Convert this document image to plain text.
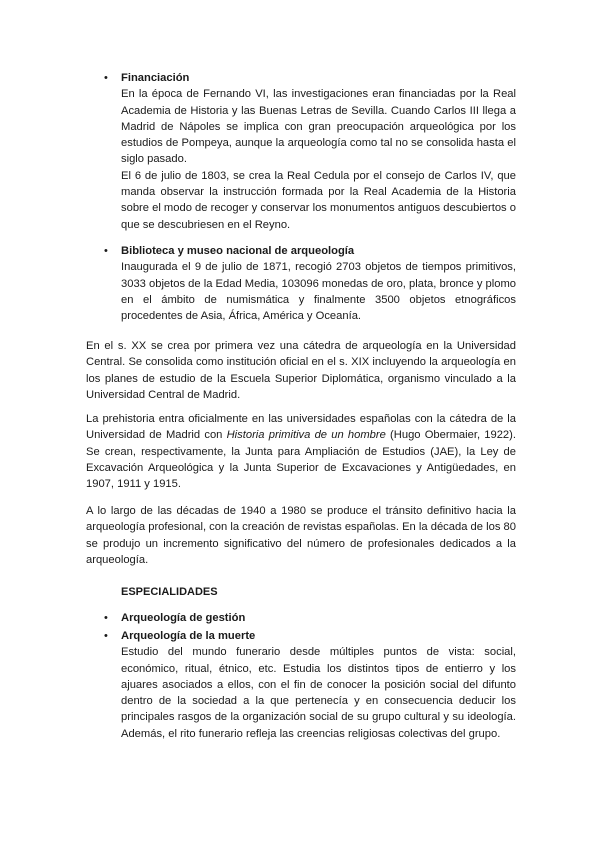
• Financiación

En la época de Fernando VI, las investigaciones eran financiadas por la Real Academia de Historia y las Buenas Letras de Sevilla. Cuando Carlos III llega a Madrid de Nápoles se implica con gran preocupación arqueológica por los estudios de Pompeya, aunque la arqueología como tal no se consolida hasta el siglo pasado.

El 6 de julio de 1803, se crea la Real Cedula por el consejo de Carlos IV, que manda observar la instrucción formada por la Real Academia de la Historia sobre el modo de recoger y conservar los monumentos antiguos descubiertos o que se descubriesen en el Reyno.

• Biblioteca y museo nacional de arqueología

Inaugurada el 9 de julio de 1871, recogió 2703 objetos de tiempos primitivos, 3033 objetos de la Edad Media, 103096 monedas de oro, plata, bronce y plomo en el ámbito de numismática y finalmente 3500 objetos etnográficos procedentes de Asia, África, América y Oceanía.

En el s. XX se crea por primera vez una cátedra de arqueología en la Universidad Central. Se consolida como institución oficial en el s. XIX incluyendo la arqueología en los planes de estudio de la Escuela Superior Diplomática, organismo vinculado a la Universidad Central de Madrid.

La prehistoria entra oficialmente en las universidades españolas con la cátedra de la Universidad de Madrid con Historia primitiva de un hombre (Hugo Obermaier, 1922). Se crean, respectivamente, la Junta para Ampliación de Estudios (JAE), la Ley de Excavación Arqueológica y la Junta Superior de Excavaciones y Antigüedades, en 1907, 1911 y 1915.

A lo largo de las décadas de 1940 a 1980 se produce el tránsito definitivo hacia la arqueología profesional, con la creación de revistas españolas. En la década de los 80 se produjo un incremento significativo del número de profesionales dedicados a la arqueología.

ESPECIALIDADES

• Arqueología de gestión

• Arqueología de la muerte

Estudio del mundo funerario desde múltiples puntos de vista: social, económico, ritual, étnico, etc. Estudia los distintos tipos de entierro y los ajuares asociados a ellos, con el fin de conocer la posición social del difunto dentro de la sociedad a la que pertenecía y en consecuencia deducir los principales rasgos de la organización social de su grupo cultural y su ideología. Además, el rito funerario refleja las creencias religiosas colectivas del grupo.
